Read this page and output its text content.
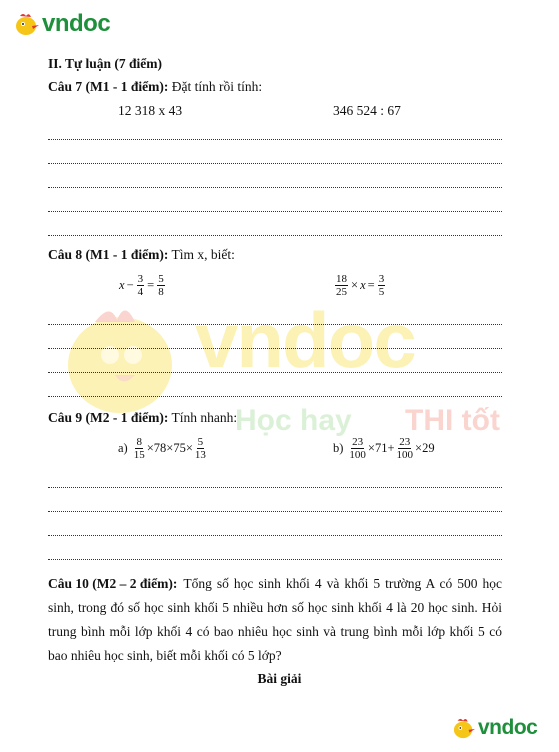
vndoc
Học hay THI tốt
vndoc
II. Tự luận (7 điểm)
Câu 7 (M1 - 1 điểm): Đặt tính rồi tính:
12 318 x 43	346 524 : 67
Câu 8 (M1 - 1 điểm): Tìm x, biết:
$x - \frac{3}{4} = \frac{5}{8}$	$\frac{18}{25} \times x = \frac{3}{5}$
Câu 9 (M2 - 1 điểm): Tính nhanh:
$a) \frac{8}{15} \times 78\times 75\times \frac{5}{13}$	$b) \frac{23}{100} \times 71+ \frac{23}{100} \times 29$
Câu 10 (M2 – 2 điểm): Tổng số học sinh khối 4 và khối 5 trường A có 500 học
sinh, trong đó số học sinh khối 5 nhiều hơn số học sinh khối 4 là 20 học sinh. Hỏi
trung bình mỗi lớp khối 4 có bao nhiêu học sinh và trung bình mỗi lớp khối 5 có
bao nhiêu học sinh, biết mỗi khối có 5 lớp?
Bài giải
vndoc
